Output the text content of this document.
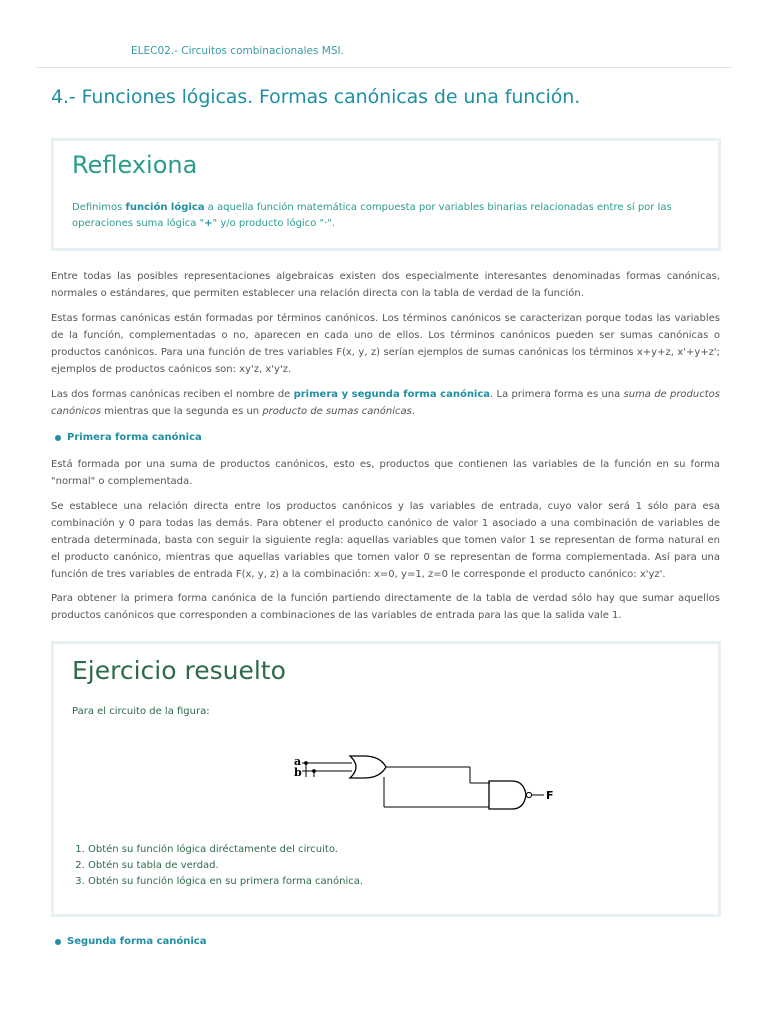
ELEC02.- Circuitos combinacionales MSI.
4.- Funciones lógicas. Formas canónicas de una función.
Reflexiona

Definimos función lógica a aquella función matemática compuesta por variables binarias relacionadas entre sí por las operaciones suma lógica "+" y/o producto lógico "·".

Entre todas las posibles representaciones algebraicas existen dos especialmente interesantes denominadas formas canónicas, normales o estándares, que permiten establecer una relación directa con la tabla de verdad de la función.

Estas formas canónicas están formadas por términos canónicos. Los términos canónicos se caracterizan porque todas las variables de la función, complementadas o no, aparecen en cada uno de ellos. Los términos canónicos pueden ser sumas canónicas o productos canónicos. Para una función de tres variables F(x, y, z) serían ejemplos de sumas canónicas los términos x+y+z, x'+y+z'; ejemplos de productos caónicos son: xy'z, x'y'z.

Las dos formas canónicas reciben el nombre de primera y segunda forma canónica. La primera forma es una suma de productos canónicos mientras que la segunda es un producto de sumas canónicas.

Primera forma canónica

Está formada por una suma de productos canónicos, esto es, productos que contienen las variables de la función en su forma "normal" o complementada.

Se establece una relación directa entre los productos canónicos y las variables de entrada, cuyo valor será 1 sólo para esa combinación y 0 para todas las demás. Para obtener el producto canónico de valor 1 asociado a una combinación de variables de entrada determinada, basta con seguir la siguiente regla: aquellas variables que tomen valor 1 se representan de forma natural en el producto canónico, mientras que aquellas variables que tomen valor 0 se representan de forma complementada. Así para una función de tres variables de entrada F(x, y, z) a la combinación: x=0, y=1, z=0 le corresponde el producto canónico: x'yz'.

Para obtener la primera forma canónica de la función partiendo directamente de la tabla de verdad sólo hay que sumar aquellos productos canónicos que corresponden a combinaciones de las variables de entrada para las que la salida vale 1.

Ejercicio resuelto
Para el circuito de la figura:
a
b
F
1. Obtén su función lógica diréctamente del circuito.
2. Obtén su tabla de verdad.
3. Obtén su función lógica en su primera forma canónica.
Segunda forma canónica
